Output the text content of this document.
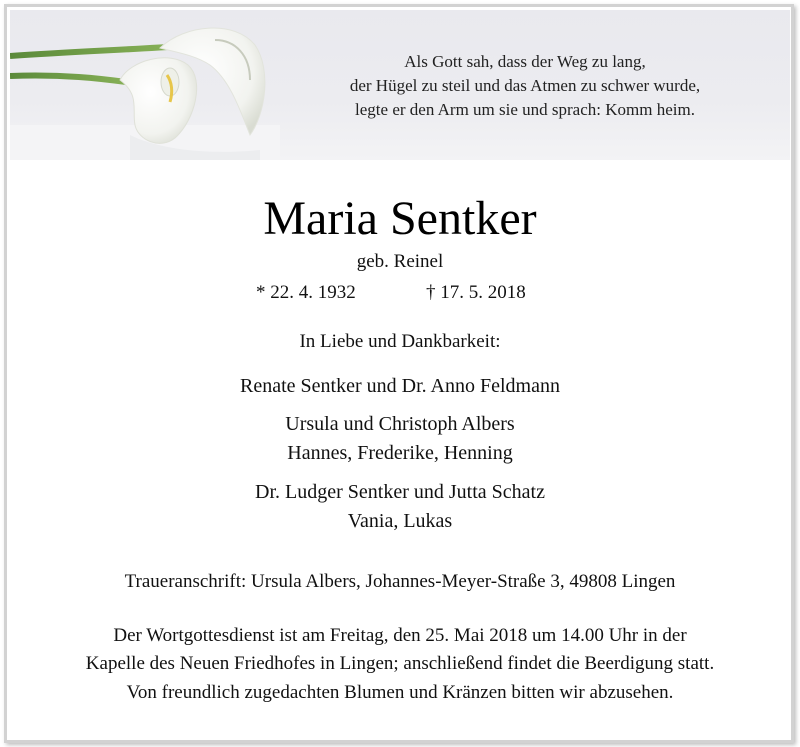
Als Gott sah, dass der Weg zu lang,
der Hügel zu steil und das Atmen zu schwer wurde,
legte er den Arm um sie und sprach: Komm heim.
Maria Sentker
geb. Reinel
* 22. 4. 1932	† 17. 5. 2018
In Liebe und Dankbarkeit:
Renate Sentker und Dr. Anno Feldmann
Ursula und Christoph Albers
Hannes, Frederike, Henning
Dr. Ludger Sentker und Jutta Schatz
Vania, Lukas
Traueranschrift: Ursula Albers, Johannes-Meyer-Straße 3, 49808 Lingen
Der Wortgottesdienst ist am Freitag, den 25. Mai 2018 um 14.00 Uhr in der
Kapelle des Neuen Friedhofes in Lingen; anschließend findet die Beerdigung statt.
Von freundlich zugedachten Blumen und Kränzen bitten wir abzusehen.
